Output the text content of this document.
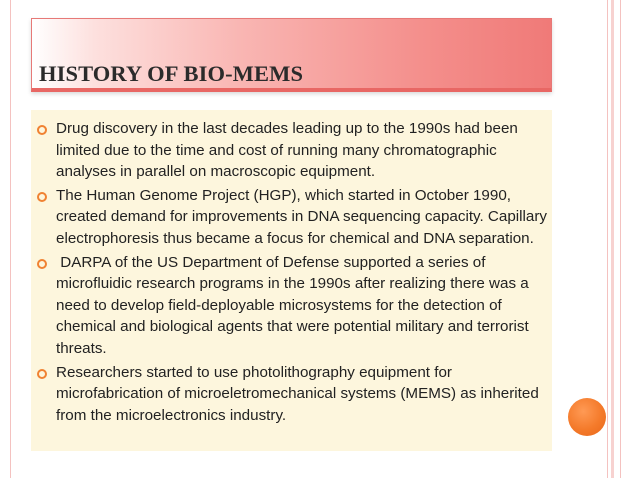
HISTORY OF BIO-MEMS
Drug discovery in the last decades leading up to the 1990s had been limited due to the time and cost of running many chromatographic analyses in parallel on macroscopic equipment.
The Human Genome Project (HGP), which started in October 1990, created demand for improvements in DNA sequencing capacity. Capillary electrophoresis thus became a focus for chemical and DNA separation.
DARPA of the US Department of Defense supported a series of microfluidic research programs in the 1990s after realizing there was a need to develop field-deployable microsystems for the detection of chemical and biological agents that were potential military and terrorist threats.
Researchers started to use photolithography equipment for microfabrication of microeletromechanical systems (MEMS) as inherited from the microelectronics industry.
